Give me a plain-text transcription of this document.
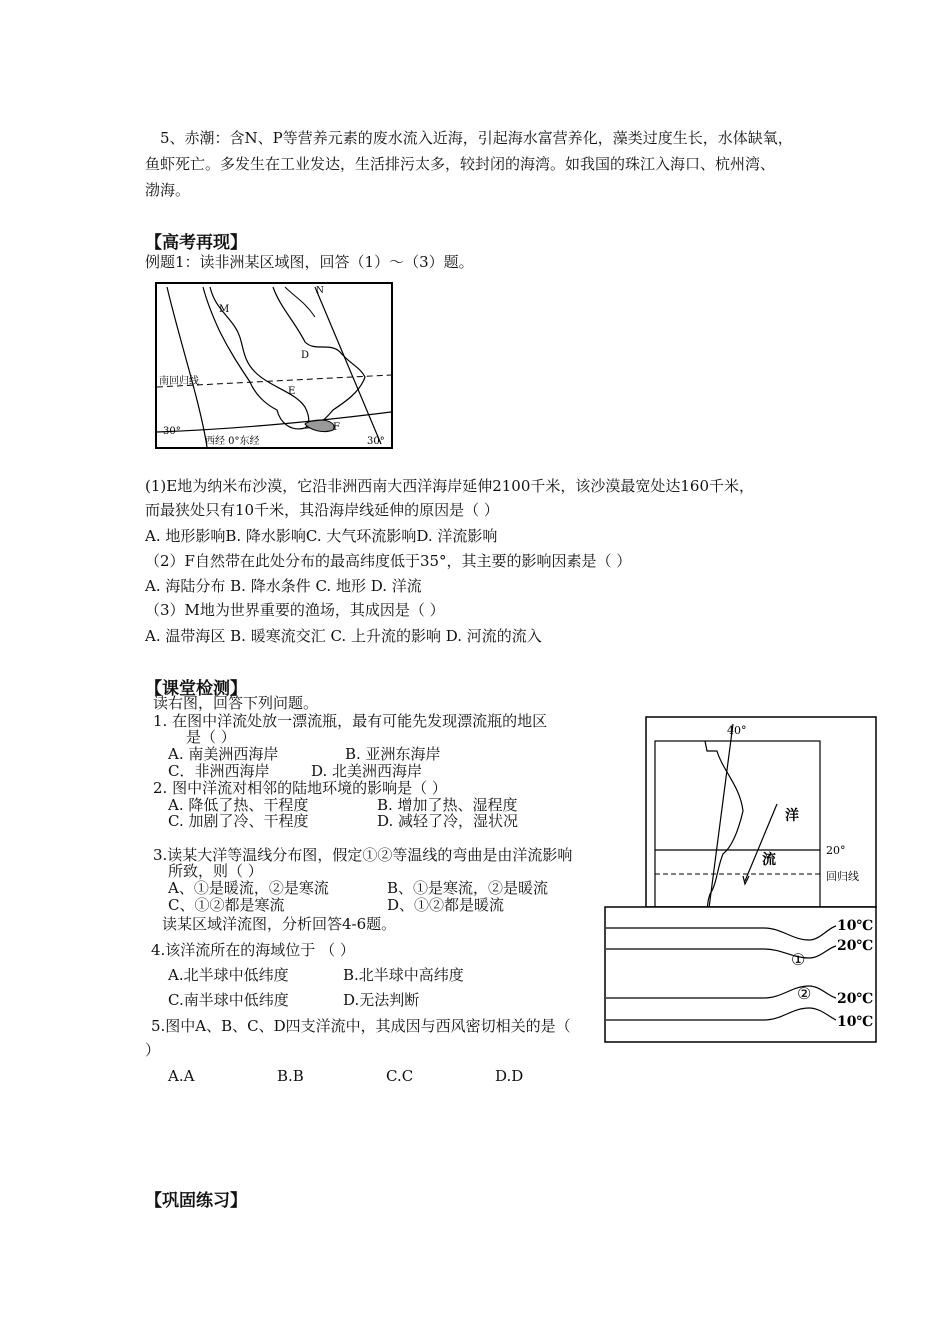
5、赤潮：含N、P等营养元素的废水流入近海，引起海水富营养化，藻类过度生长，水体缺氧，
鱼虾死亡。多发生在工业发达，生活排污太多，较封闭的海湾。如我国的珠江入海口、杭州湾、
渤海。
【高考再现】
例题1：读非洲某区域图，回答（1）～（3）题。
M
N
D
E
F
南回归线
30°
西经 0°东经	30°
(1)E地为纳米布沙漠，它沿非洲西南大西洋海岸延伸2100千米，该沙漠最宽处达160千米，
而最狭处只有10千米，其沿海岸线延伸的原因是（ ）
A. 地形影响B. 降水影响C. 大气环流影响D. 洋流影响
（2）F自然带在此处分布的最高纬度低于35°，其主要的影响因素是（ ）
A. 海陆分布 B. 降水条件 C. 地形 D. 洋流
（3）M地为世界重要的渔场，其成因是（ ）
A. 温带海区 B. 暖寒流交汇 C. 上升流的影响 D. 河流的流入
【课堂检测】
读右图，回答下列问题。
1. 在图中洋流处放一漂流瓶，最有可能先发现漂流瓶的地区
是（ ）
A. 南美洲西海岸	B. 亚洲东海岸
C．非洲西海岸	D. 北美洲西海岸
2. 图中洋流对相邻的陆地环境的影响是（ ）
A. 降低了热、干程度	B. 增加了热、湿程度
C. 加剧了冷、干程度	D. 减轻了冷，湿状况
3.读某大洋等温线分布图，假定①②等温线的弯曲是由洋流影响
所致，则（ ）
A、①是暖流，②是寒流	B、①是寒流，②是暖流
C、①②都是寒流	D、①②都是暖流
读某区域洋流图，分析回答4-6题。
4.该洋流所在的海域位于 （ ）
A.北半球中低纬度	B.北半球中高纬度
C.南半球中低纬度	D.无法判断
5.图中A、B、C、D四支洋流中，其成因与西风密切相关的是（
）
A.A	B.B	C.C	D.D
40°
20°
回归线
洋
流
10℃
20℃
①
② 20℃
10℃
【巩固练习】
